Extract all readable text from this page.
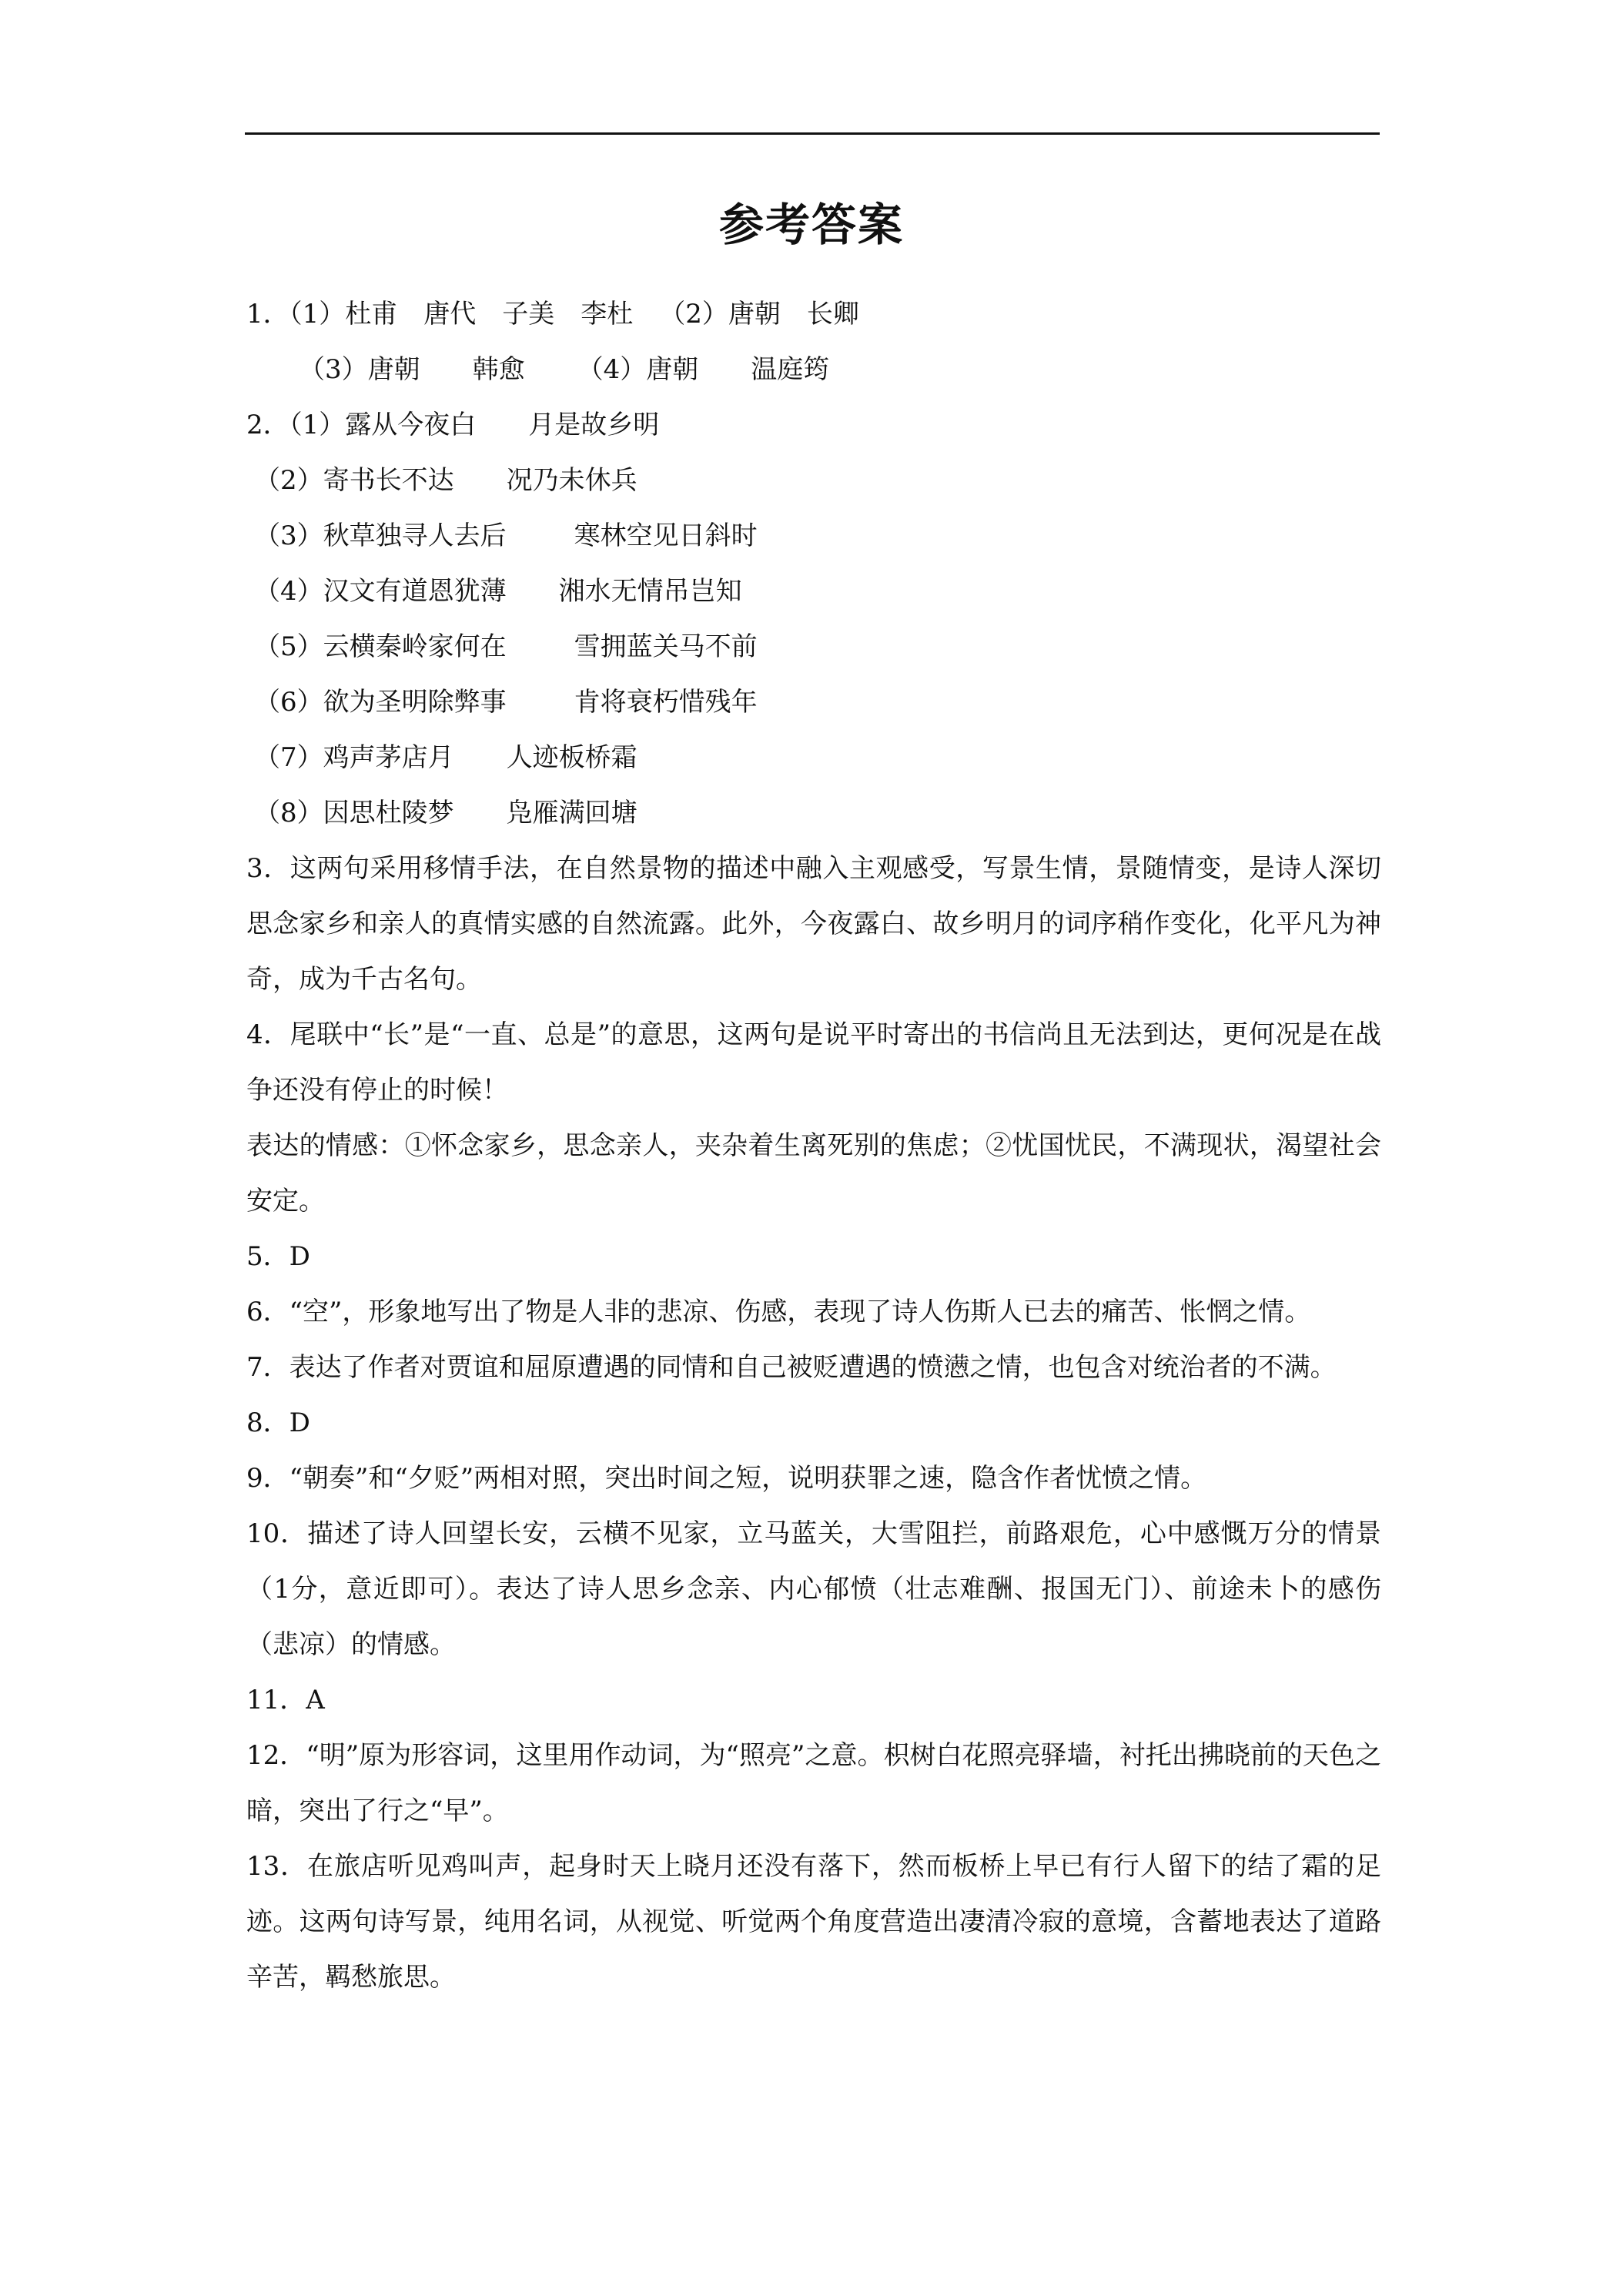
参考答案
1．（1）杜甫 唐代 子美 李杜 （2）唐朝 长卿
（3）唐朝 韩愈 （4）唐朝 温庭筠
2．（1）露从今夜白 月是故乡明
（2）寄书长不达 况乃未休兵
（3）秋草独寻人去后	寒林空见日斜时
（4）汉文有道恩犹薄 湘水无情吊岂知
（5）云横秦岭家何在	雪拥蓝关马不前
（6）欲为圣明除弊事	肯将衰朽惜残年
（7）鸡声茅店月 人迹板桥霜
（8）因思杜陵梦 凫雁满回塘
3．这两句采用移情手法，在自然景物的描述中融入主观感受，写景生情，景随情变，是诗人深切思念家乡和亲人的真情实感的自然流露。此外，今夜露白、故乡明月的词序稍作变化，化平凡为神奇，成为千古名句。
4．尾联中“长”是“一直、总是”的意思，这两句是说平时寄出的书信尚且无法到达，更何况是在战争还没有停止的时候！
表达的情感：①怀念家乡，思念亲人，夹杂着生离死别的焦虑；②忧国忧民，不满现状，渴望社会安定。
5．D
6．“空”，形象地写出了物是人非的悲凉、伤感，表现了诗人伤斯人已去的痛苦、怅惘之情。
7．表达了作者对贾谊和屈原遭遇的同情和自己被贬遭遇的愤懑之情，也包含对统治者的不满。
8．D
9．“朝奏”和“夕贬”两相对照，突出时间之短，说明获罪之速，隐含作者忧愤之情。
10．描述了诗人回望长安，云横不见家，立马蓝关，大雪阻拦，前路艰危，心中感慨万分的情景（1分，意近即可）。表达了诗人思乡念亲、内心郁愤（壮志难酬、报国无门）、前途未卜的感伤（悲凉）的情感。
11．A
12．“明”原为形容词，这里用作动词，为“照亮”之意。枳树白花照亮驿墙，衬托出拂晓前的天色之暗，突出了行之“早”。
13．在旅店听见鸡叫声，起身时天上晓月还没有落下，然而板桥上早已有行人留下的结了霜的足迹。这两句诗写景，纯用名词，从视觉、听觉两个角度营造出凄清冷寂的意境，含蓄地表达了道路辛苦，羁愁旅思。
